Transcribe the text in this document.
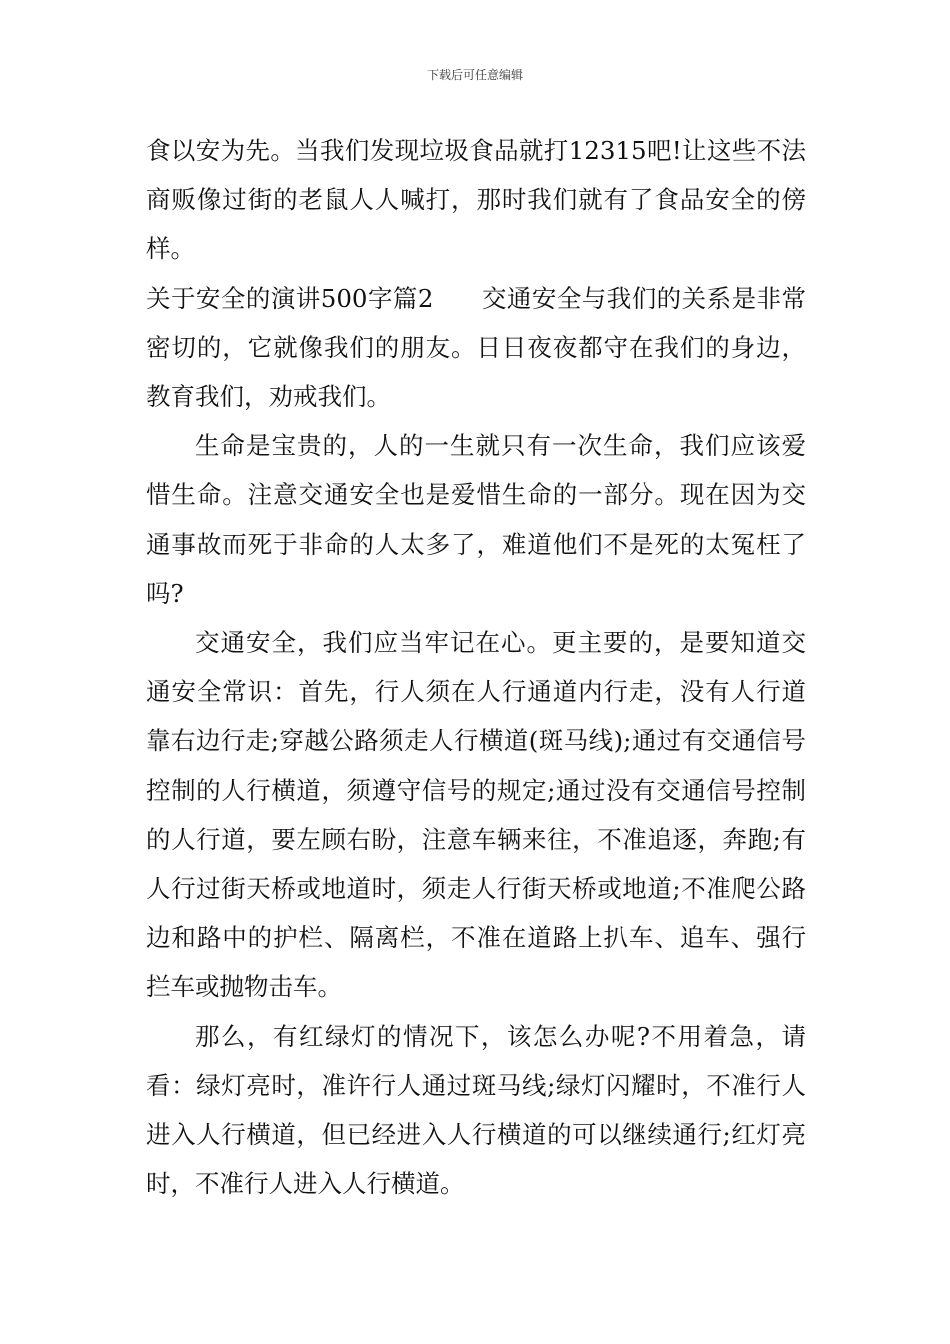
下载后可任意编辑

食以安为先。当我们发现垃圾食品就打12315吧!让这些不法商贩像过街的老鼠人人喊打，那时我们就有了食品安全的傍样。

关于安全的演讲500字篇2 交通安全与我们的关系是非常密切的，它就像我们的朋友。日日夜夜都守在我们的身边，教育我们，劝戒我们。

生命是宝贵的，人的一生就只有一次生命，我们应该爱惜生命。注意交通安全也是爱惜生命的一部分。现在因为交通事故而死于非命的人太多了，难道他们不是死的太冤枉了吗?

交通安全，我们应当牢记在心。更主要的，是要知道交通安全常识：首先，行人须在人行通道内行走，没有人行道靠右边行走;穿越公路须走人行横道(斑马线);通过有交通信号控制的人行横道，须遵守信号的规定;通过没有交通信号控制的人行道，要左顾右盼，注意车辆来往，不准追逐，奔跑;有人行过街天桥或地道时，须走人行街天桥或地道;不准爬公路边和路中的护栏、隔离栏，不准在道路上扒车、追车、强行拦车或抛物击车。

那么，有红绿灯的情况下，该怎么办呢?不用着急，请看：绿灯亮时，准许行人通过斑马线;绿灯闪耀时，不准行人进入人行横道，但已经进入人行横道的可以继续通行;红灯亮时，不准行人进入人行横道。
